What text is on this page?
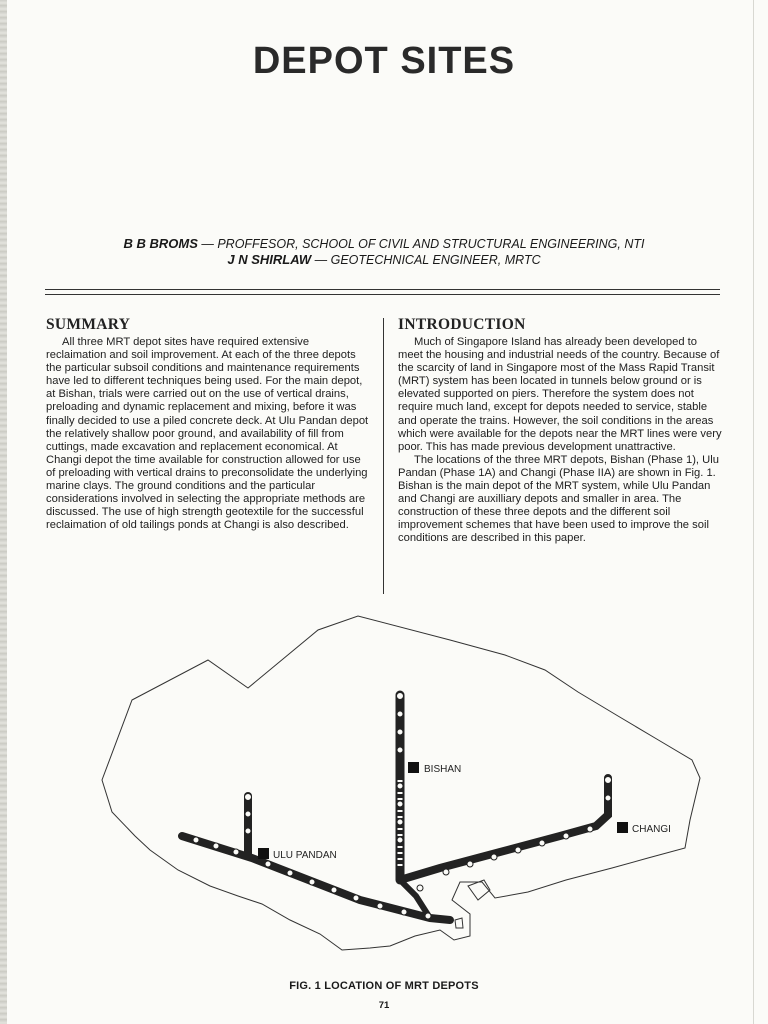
DEPOT SITES
B B BROMS — PROFFESOR, SCHOOL OF CIVIL AND STRUCTURAL ENGINEERING, NTI
J N SHIRLAW — GEOTECHNICAL ENGINEER, MRTC
SUMMARY

All three MRT depot sites have required extensive reclaimation and soil improvement. At each of the three depots the particular subsoil conditions and maintenance requirements have led to different techniques being used. For the main depot, at Bishan, trials were carried out on the use of vertical drains, preloading and dynamic replacement and mixing, before it was finally decided to use a piled concrete deck. At Ulu Pandan depot the relatively shallow poor ground, and availability of fill from cuttings, made excavation and replacement economical. At Changi depot the time available for construction allowed for use of preloading with vertical drains to preconsolidate the underlying marine clays. The ground conditions and the particular considerations involved in selecting the appropriate methods are discussed. The use of high strength geotextile for the successful reclaimation of old tailings ponds at Changi is also described.

INTRODUCTION

Much of Singapore Island has already been developed to meet the housing and industrial needs of the country. Because of the scarcity of land in Singapore most of the Mass Rapid Transit (MRT) system has been located in tunnels below ground or is elevated supported on piers. Therefore the system does not require much land, except for depots needed to service, stable and operate the trains. However, the soil conditions in the areas which were available for the depots near the MRT lines were very poor. This has made previous development unattractive.

The locations of the three MRT depots, Bishan (Phase 1), Ulu Pandan (Phase 1A) and Changi (Phase IIA) are shown in Fig. 1. Bishan is the main depot of the MRT system, while Ulu Pandan and Changi are auxilliary depots and smaller in area. The construction of these three depots and the different soil improvement schemes that have been used to improve the soil conditions are described in this paper.

BISHAN
ULU PANDAN
CHANGI
FIG. 1 LOCATION OF MRT DEPOTS
71
